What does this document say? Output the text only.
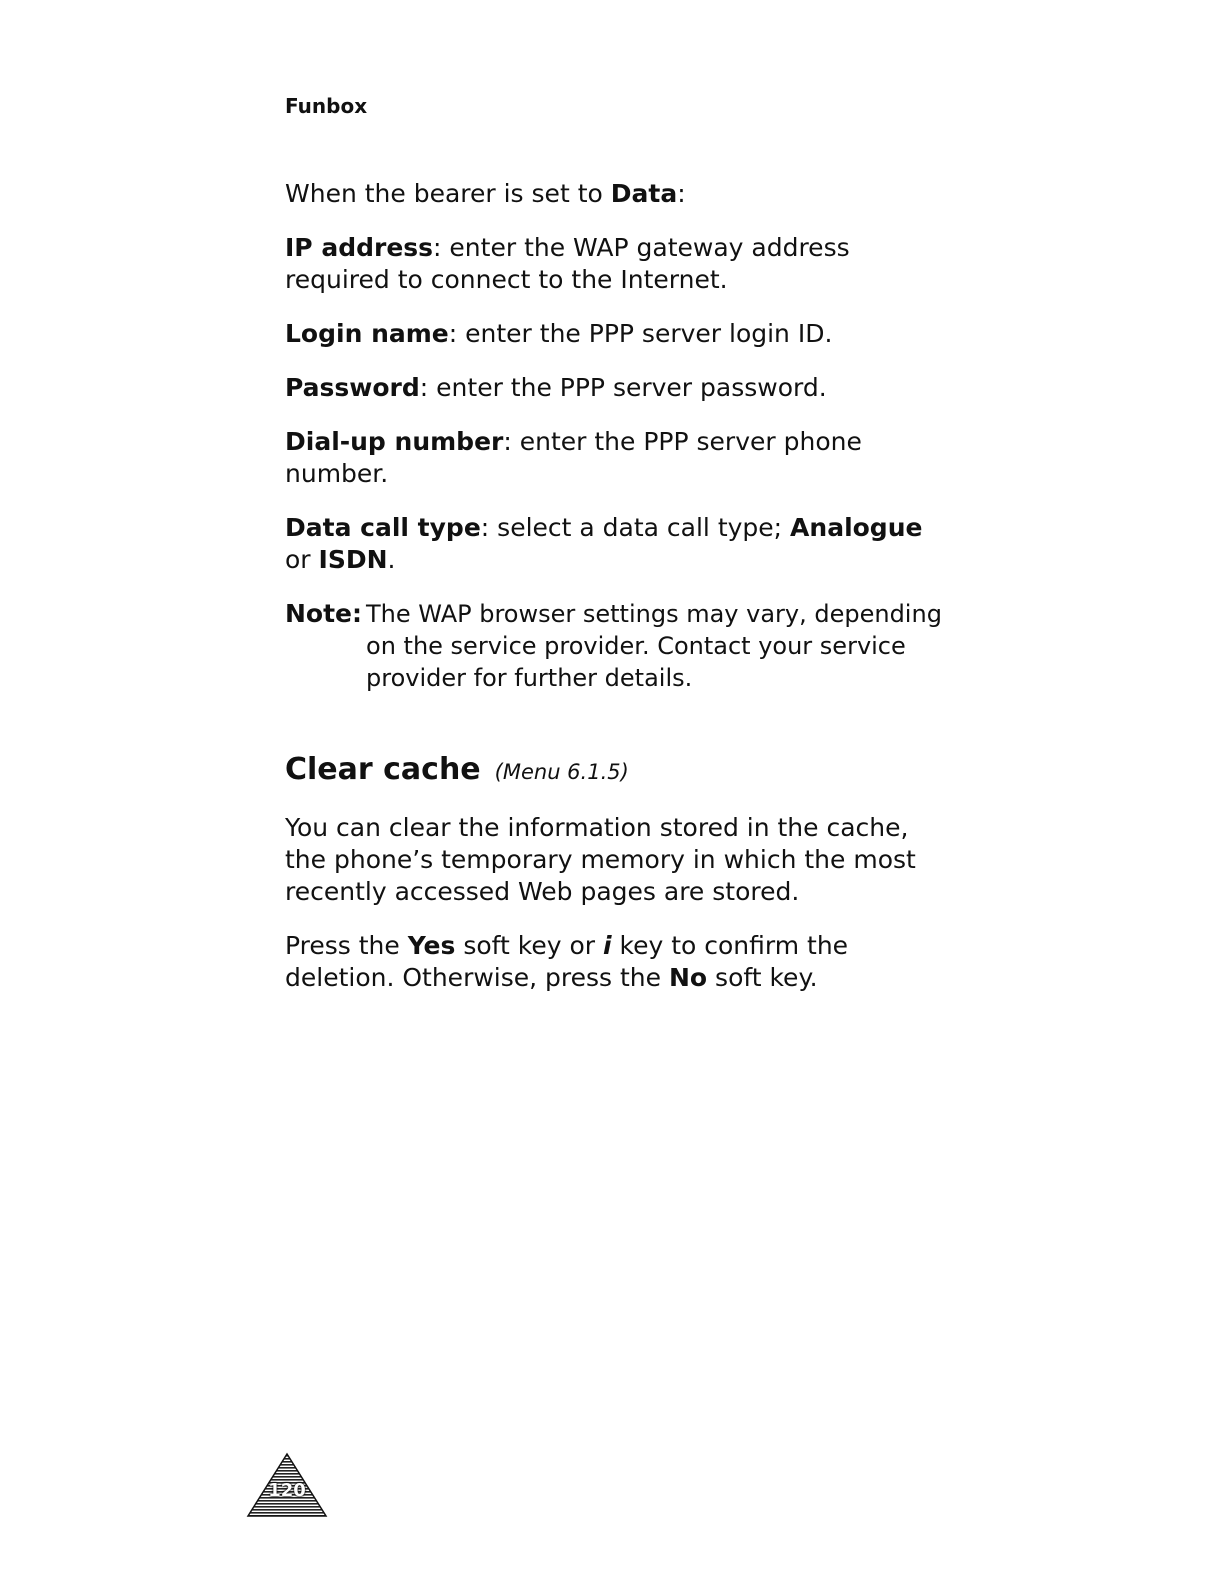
Funbox

When the bearer is set to Data:

IP address: enter the WAP gateway address required to connect to the Internet.

Login name: enter the PPP server login ID.

Password: enter the PPP server password.

Dial-up number: enter the PPP server phone number.

Data call type: select a data call type; Analogue or ISDN.

Note: The WAP browser settings may vary, depending on the service provider. Contact your service provider for further details.
Clear cache (Menu 6.1.5)

You can clear the information stored in the cache, the phone’s temporary memory in which the most recently accessed Web pages are stored.

Press the Yes soft key or i key to confirm the deletion. Otherwise, press the No soft key.

120
